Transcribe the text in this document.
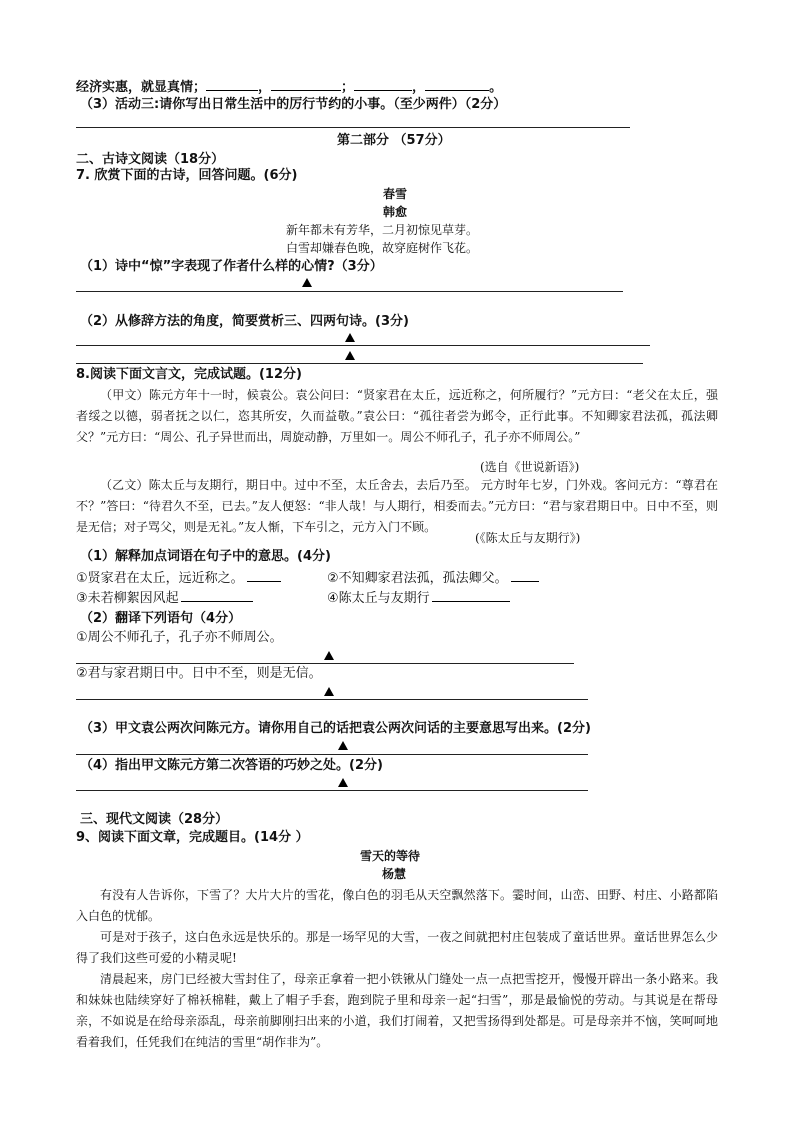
经济实惠，就显真情；	，	；	，	。
（3）活动三:请你写出日常生活中的厉行节约的小事。（至少两件）（2分）
第二部分 （57分）
二、古诗文阅读（18分）
7. 欣赏下面的古诗，回答问题。(6分)
春雪
韩愈
新年都未有芳华，二月初惊见草芽。
白雪却嫌春色晚，故穿庭树作飞花。
（1）诗中“惊”字表现了作者什么样的心情?（3分）
（2）从修辞方法的角度，简要赏析三、四两句诗。(3分)
8.阅读下面文言文，完成试题。(12分)
（甲文）陈元方年十一时，候袁公。袁公问曰：“贤家君在太丘，远近称之，何所履行？”元方曰：“老父在太丘，强者绥之以德，弱者抚之以仁，恣其所安，久而益敬。”袁公曰：“孤往者尝为邺令，正行此事。不知卿家君法孤，孤法卿父？”元方曰：“周公、孔子异世而出，周旋动静，万里如一。周公不师孔子，孔子亦不师周公。”
(选自《世说新语》)
（乙文）陈太丘与友期行，期日中。过中不至，太丘舍去，去后乃至。 元方时年七岁，门外戏。客问元方：“尊君在不？”答曰：“待君久不至，已去。”友人便怒：“非人哉！与人期行，相委而去。”元方曰：“君与家君期日中。日中不至，则是无信；对子骂父，则是无礼。”友人惭，下车引之，元方入门不顾。
(《陈太丘与友期行》)
（1）解释加点词语在句子中的意思。(4分)
①贤家君在太丘，远近称之。	②不知卿家君法孤，孤法卿父。
③未若柳絮因风起	④陈太丘与友期行
（2）翻译下列语句（4分）
①周公不师孔子，孔子亦不师周公。
②君与家君期日中。日中不至，则是无信。
（3）甲文袁公两次问陈元方。请你用自己的话把袁公两次问话的主要意思写出来。(2分)
（4）指出甲文陈元方第二次答语的巧妙之处。(2分)
三、现代文阅读（28分）
9、阅读下面文章，完成题目。(14分 ）
雪天的等待
杨慧
有没有人告诉你，下雪了？大片大片的雪花，像白色的羽毛从天空飘然落下。霎时间，山峦、田野、村庄、小路都陷入白色的忧郁。
可是对于孩子，这白色永远是快乐的。那是一场罕见的大雪，一夜之间就把村庄包装成了童话世界。童话世界怎么少得了我们这些可爱的小精灵呢!
清晨起来，房门已经被大雪封住了，母亲正拿着一把小铁锹从门缝处一点一点把雪挖开，慢慢开辟出一条小路来。我和妹妹也陆续穿好了棉袄棉鞋，戴上了帽子手套，跑到院子里和母亲一起“扫雪”，那是最愉悦的劳动。与其说是在帮母亲，不如说是在给母亲添乱，母亲前脚刚扫出来的小道，我们打闹着，又把雪扬得到处都是。可是母亲并不恼，笑呵呵地看着我们，任凭我们在纯洁的雪里“胡作非为”。
